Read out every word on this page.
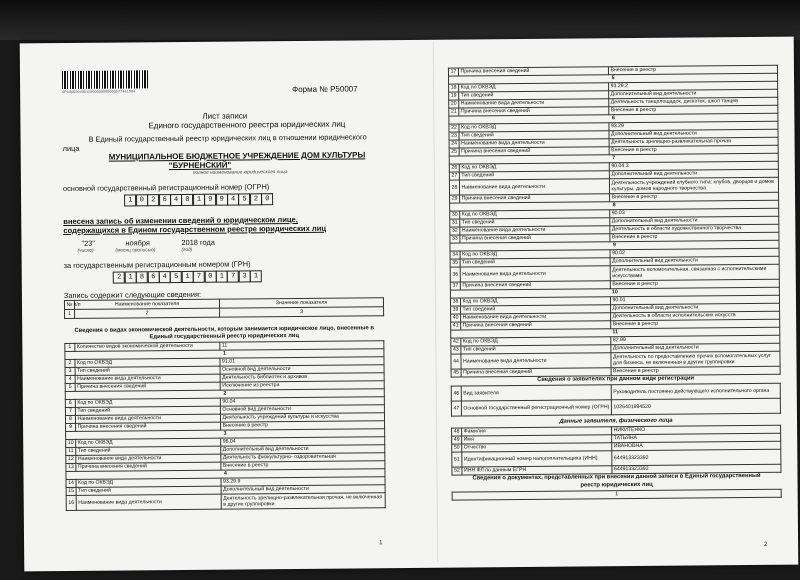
4P10002040011000000099000577441994	Форма № Р50007
Лист записи
Единого государственного реестра юридических лиц
В Единый государственный реестр юридических лиц в отношении юридического
лица
МУНИЦИПАЛЬНОЕ БЮДЖЕТНОЕ УЧРЕЖДЕНИЕ ДОМ КУЛЬТУРЫ
"БУРНЕНСКИЙ"
полное наименование юридического лица
основной государственный регистрационный номер (ОГРН)
1	0	2	6	4	0	1	9	9	4	5	2	0
внесена запись об изменении сведений о юридическом лице,
содержащихся в Едином государственном реестре юридических лиц
"23"	ноября	2018 года
(число)	(месяц прописью)	(год)
за государственным регистрационным номером (ГРН)
2	1	8	6	4	5	1	7	0	1	7	3	1
Запись содержит следующие сведения:
№ п/п	Наименование показателя	Значение показателя
1	2	3
Сведения о видах экономической деятельности, которым занимается юридическое лицо, внесенные в
Единый государственный реестр юридических лиц
1	Количество видов экономической деятельности	11
1		
2	Код по ОКВЭД	91.01
3	Тип сведений	Основной вид деятельности
4	Наименование вида деятельности	Деятельность библиотек и архивов
5	Причина внесения сведений	Исключение из реестра
2		
6	Код по ОКВЭД	90.04
7	Тип сведений	Основной вид деятельности
8	Наименование вида деятельности	Деятельность учреждений культуры и искусства
9	Причина внесения сведений	Внесение в реестр
3		
10	Код по ОКВЭД	96.04
11	Тип сведений	Дополнительный вид деятельности
12	Наименование вида деятельности	Деятельность физкультурно- оздоровительная
13	Причина внесения сведений	Внесение в реестр
4		
14	Код по ОКВЭД	93.29.9
15	Тип сведений	Дополнительный вид деятельности
16	Наименование вида деятельности	Деятельность зрелищно-развлекательная прочая, не включенная в другие группировки
1
17	Причина внесения сведений	Внесение в реестр
5		
18	Код по ОКВЭД	93.29.2
19	Тип сведений	Дополнительный вид деятельности
20	Наименование вида деятельности	Деятельность танцплощадок, дискотек, школ танцев
21	Причина внесения сведений	Внесение в реестр
6		
22	Код по ОКВЭД	93.29
23	Тип сведений	Дополнительный вид деятельности
24	Наименование вида деятельности	Деятельность зрелищно-развлекательная прочая
25	Причина внесения сведений	Внесение в реестр
7		
26	Код по ОКВЭД	90.04.3
27	Тип сведений	Дополнительный вид деятельности
28	Наименование вида деятельности	Деятельность учреждений клубного типа: клубов, дворцов и домов культуры, домов народного творчества
29	Причина внесения сведений	Внесение в реестр
8		
30	Код по ОКВЭД	90.03
31	Тип сведений	Дополнительный вид деятельности
32	Наименование вида деятельности	Деятельность в области художественного творчества
33	Причина внесения сведений	Внесение в реестр
9		
34	Код по ОКВЭД	90.02
35	Тип сведений	Дополнительный вид деятельности
36	Наименование вида деятельности	Деятельность вспомогательная, связанная с исполнительскими искусствами
37	Причина внесения сведений	Внесение в реестр
10		
38	Код по ОКВЭД	90.01
39	Тип сведений	Дополнительный вид деятельности
40	Наименование вида деятельности	Деятельность в области исполнительских искусств
41	Причина внесения сведений	Внесение в реестр
11		
42	Код по ОКВЭД	82.99
43	Тип сведений	Дополнительный вид деятельности
44	Наименование вида деятельности	Деятельность по предоставлению прочих вспомогательных услуг для бизнеса, не включенная в другие группировки
45	Причина внесения сведений	Внесение в реестр
Сведения о заявителях при данном виде регистрации
46	Вид заявителя	Руководитель постоянно действующего исполнительного органа
47	Основной государственный регистрационный номер (ОГРН)	1026401994520
Данные заявителя, физического лица
48	Фамилия	НИКИТЕНКО
49	Имя	ТАТЬЯНА
50	Отчество	ИВАНОВНА
51	Идентификационный номер налогоплательщика (ИНН)	644913323392
52	ИНН ФЛ по данным ЕГРН	644913323392
Сведения о документах, представленных при внесении данной записи в Единый государственный
реестр юридических лиц
1
2
